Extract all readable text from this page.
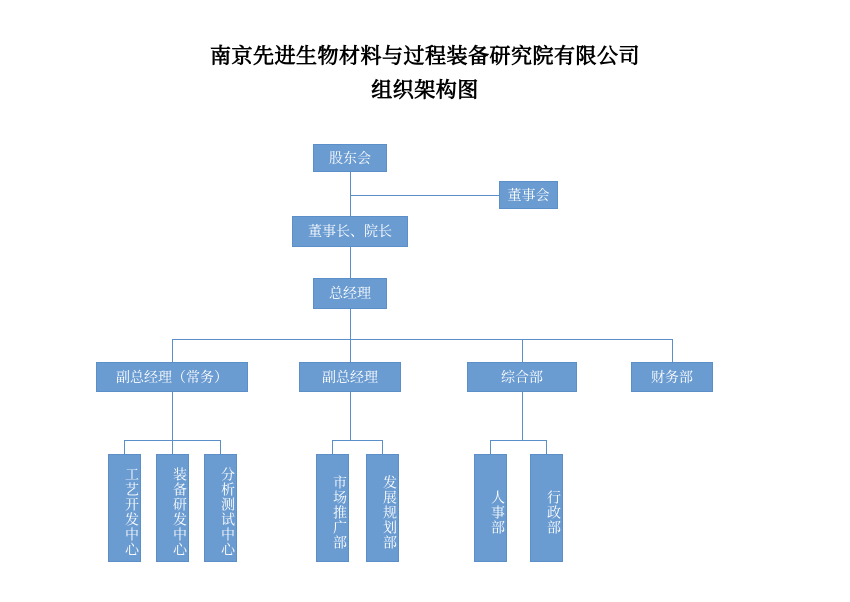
南京先进生物材料与过程装备研究院有限公司
组织架构图
股东会
董事会
董事长、院长
总经理
副总经理（常务）	副总经理	综合部	财务部
工艺开发中心 装备研发中心 分析测试中心	市场推广部 发展规划部	人事部	行政部
